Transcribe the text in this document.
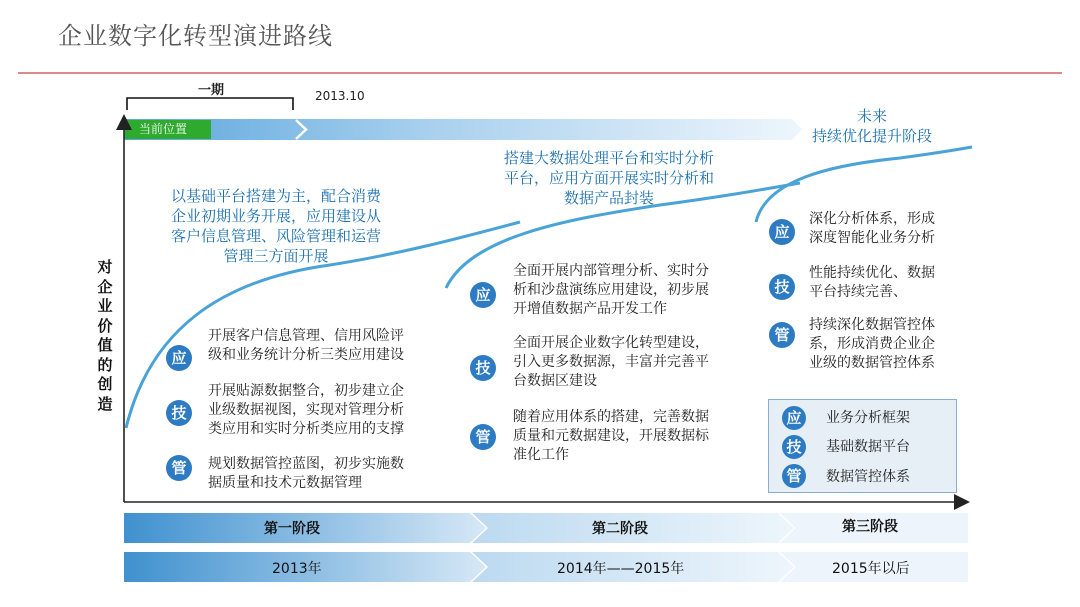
企业数字化转型演进路线
一期	2013.10
当前位置
对
企
业
价
值
的
创
造
以基础平台搭建为主，配合消费
企业初期业务开展，应用建设从
客户信息管理、风险管理和运营
管理三方面开展
搭建大数据处理平台和实时分析
平台，应用方面开展实时分析和
数据产品封装
未来
持续优化提升阶段
应
开展客户信息管理、信用风险评
级和业务统计分析三类应用建设
技
开展贴源数据整合，初步建立企
业级数据视图，实现对管理分析
类应用和实时分析类应用的支撑
管	规划数据管控蓝图，初步实施数
据质量和技术元数据管理
应
全面开展内部管理分析、实时分
析和沙盘演练应用建设，初步展
开增值数据产品开发工作
技
全面开展企业数字化转型建设，
引入更多数据源，丰富并完善平
台数据区建设
管
随着应用体系的搭建，完善数据
质量和元数据建设，开展数据标
准化工作
应
深化分析体系，形成
深度智能化业务分析
技
性能持续优化、数据
平台持续完善、
管
持续深化数据管控体
系，形成消费企业企
业级的数据管控体系
应	业务分析框架
技	基础数据平台
管	数据管控体系
第一阶段	第二阶段	第三阶段
2013年	2014年——2015年	2015年以后
